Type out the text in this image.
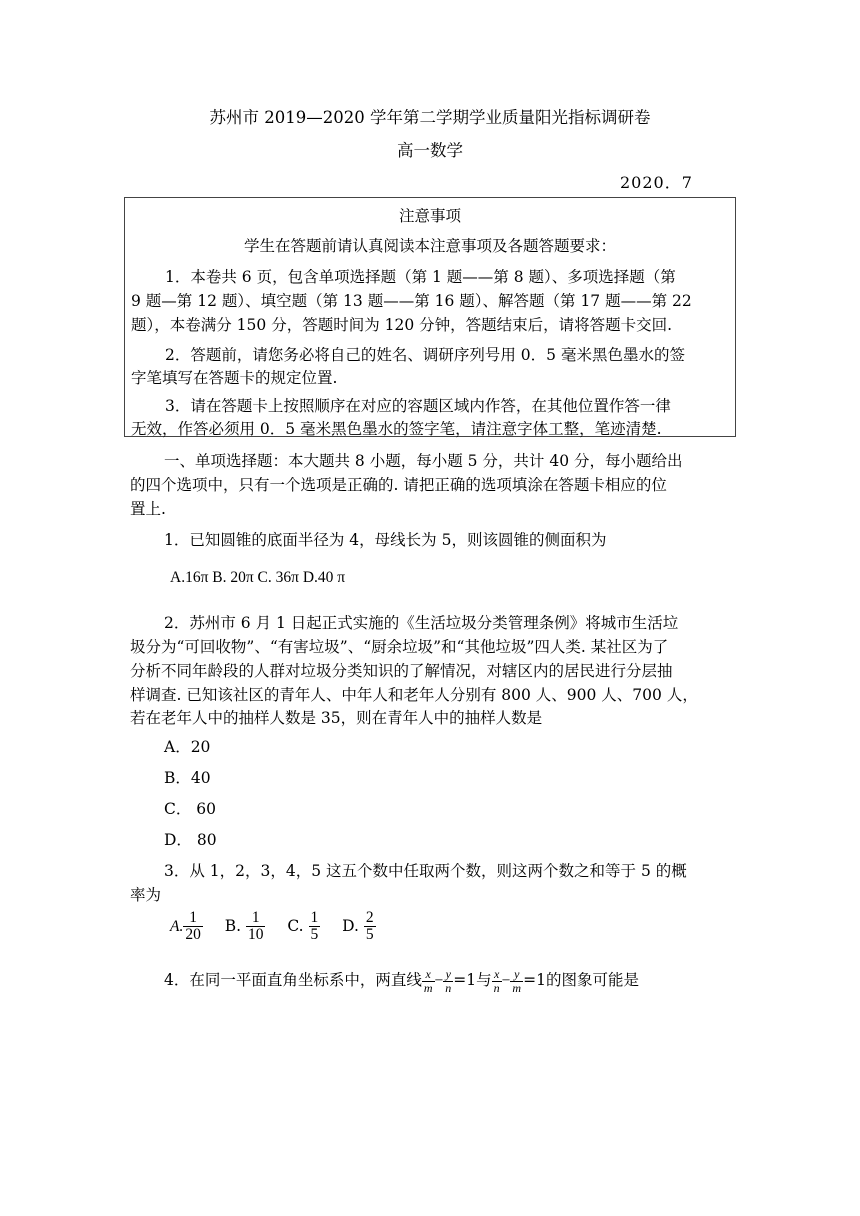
苏州市 2019—2020 学年第二学期学业质量阳光指标调研卷
高一数学
2020．7
注意事项
学生在答题前请认真阅读本注意事项及各题答题要求：
1．本卷共 6 页，包含单项选择题（第 1 题——第 8 题）、多项选择题（第
9 题—第 12 题）、填空题（第 13 题——第 16 题）、解答题（第 17 题——第 22
题），本卷满分 150 分，答题时间为 120 分钟，答题结束后，请将答题卡交回.
2．答题前，请您务必将自己的姓名、调研序列号用 0．5 毫米黑色墨水的签
字笔填写在答题卡的规定位置.
3．请在答题卡上按照顺序在对应的容题区域内作答，在其他位置作答一律
无效，作答必须用 0．5 毫米黑色墨水的签字笔，请注意字体工整，笔迹清楚.
一、单项选择题：本大题共 8 小题，每小题 5 分，共计 40 分，每小题给出
的四个选项中，只有一个选项是正确的. 请把正确的选项填涂在答题卡相应的位
置上.
1．已知圆锥的底面半径为 4，母线长为 5，则该圆锥的侧面积为
A.16π B. 20π C. 36π D.40 π
2．苏州市 6 月 1 日起正式实施的《生活垃圾分类管理条例》将城市生活垃
圾分为“可回收物”、“有害垃圾”、“厨余垃圾”和“其他垃圾”四人类. 某社区为了
分析不同年龄段的人群对垃圾分类知识的了解情况，对辖区内的居民进行分层抽
样调查. 已知该社区的青年人、中年人和老年人分别有 800 人、900 人、700 人，
若在老年人中的抽样人数是 35，则在青年人中的抽样人数是
A．20
B．40
C． 60
D． 80
3．从 1，2，3，4，5 这五个数中任取两个数，则这两个数之和等于 5 的概
率为
A. $\frac{1}{20} B$. $\frac{1}{10} C$. $\frac{1}{5} D$. $\frac{2}{5}$
4．在同一平面直角坐标系中，两直线 $\frac{x}{m} - \frac{y}{n} =1$与 $\frac{x}{n} - \frac{y}{m} =1$的图象可能是
